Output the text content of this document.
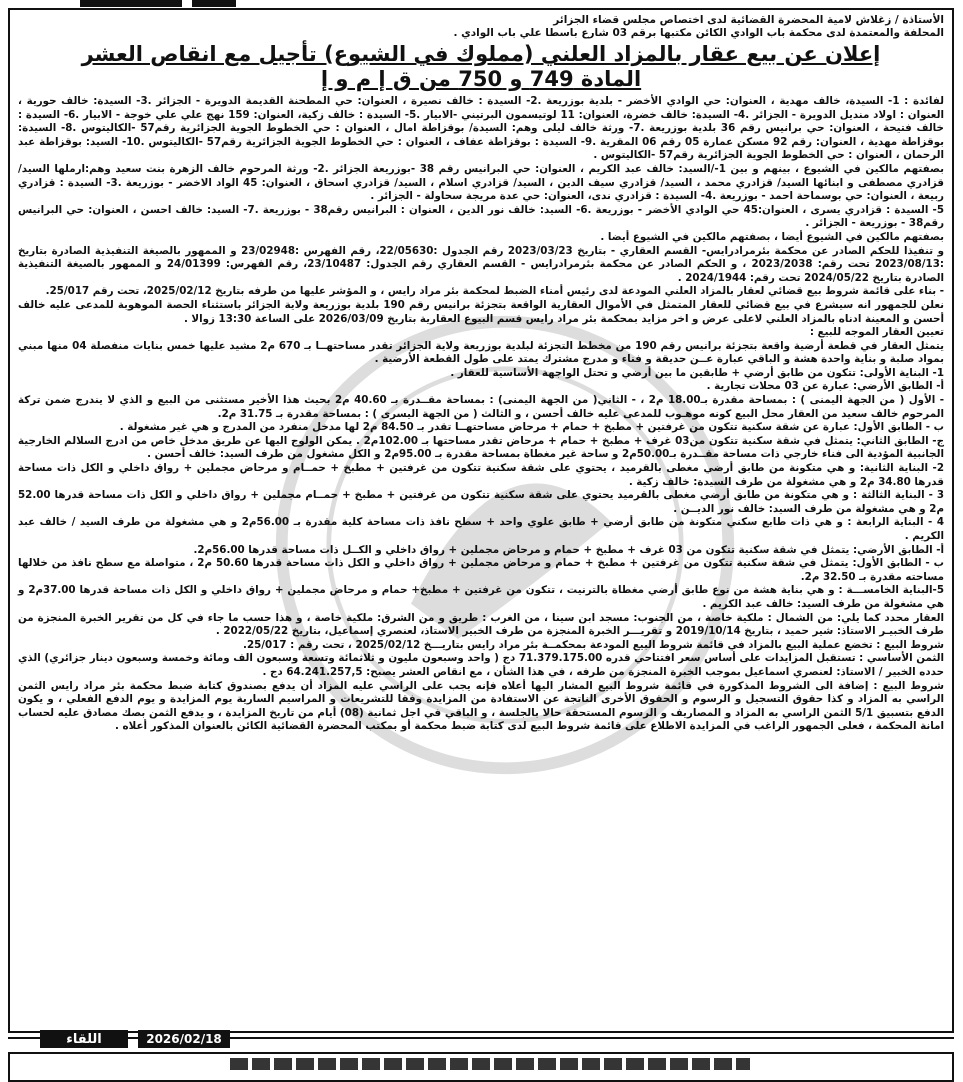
الأستاذة / زغلاش لامية المحضرة القضائية لدى اختصاص مجلس قضاء الجزائر
المحلفة والمعتمدة لدى محكمة باب الوادي الكائن مكتبها برقم 03 شارع باسطا علي باب الوادي .
إعلان عن بيع عقار بالمزاد العلني (مملوك في الشيوع) تأجيل مع انقاص العشر
المادة 749 و 750 من ق إ م و إ

لفائدة : 1- السيدة، خالف مهدية ، العنوان: حي الوادي الأخضر - بلدية بوزريعة .2- السيدة : خالف نصيرة ، العنوان: حي المطحنة القديمة الدويرة - الجزائر .3- السيدة: خالف حورية ، العنوان : اولاد منديل الدويرة - الجزائر .4- السيدة: خالف خضرة، العنوان: 11 لوتيسمون البرتيني -الابيار .5- السيدة : خالف زكية، العنوان: 159 نهج علي علي خوجة - الابيار .6- السيدة : خالف فتيحة ، العنوان: حي برانيس رقم 36 بلدية بوزريعة .7- ورثة خالف ليلى وهم: السيدة/ بوقزاطة امال ، العنوان : حي الخطوط الجوية الجزائرية رقم57 -الكاليتوس .8- السيدة: بوقزاطة مهدية ، العنوان: رقم 92 مسكن عمارة 05 رقم 06 المقرية .9- السيدة : بوقزاطة عفاف ، العنوان : حي الخطوط الجوية الجزائرية رقم57 -الكاليتوس .10- السيد: بوقزاطة عبد الرحمان ، العنوان : حي الخطوط الجوية الجزائرية رقم57 -الكاليتوس .

بصفتهم مالكين في الشيوع ، بينهم و بين 1-/السيد: خالف عبد الكريم ، العنوان: حي البرانيس رقم 38 -بوزريعة الجزائر .2- ورثة المرحوم خالف الزهرة بنت سعيد وهم:ارملها السيد/ قزادري مصطفى و ابنائها السيد/ قزادري محمد ، السيد/ قزادري سيف الدين ، السيد/ قزادري اسلام ، السيد/ قزادري اسحاق ، العنوان: 45 الواد الاخضر - بوزريعة .3- السيدة : قزادري ربيعة ، العنوان: حي بوسماحة احمد - بوزريعة .4- السيدة : قزادري ندى، العنوان: حي عدة مريجة سحاولة - الجزائر .

5- السيدة : قزادري يسرى ، العنوان:45 حي الوادي الأخضر - بوزريعة .6- السيد: خالف نور الدين ، العنوان : البرانيس رقم38 - بوزريعة .7- السيد: خالف احسن ، العنوان: حي البرانيس رقم38 - بوزريعة - الجزائر .

بصفتهم مالكين في الشيوع أيضا ، بصفتهم مالكين في الشيوع أيضا .

و تنفيذا للحكم الصادر عن محكمة بئرمرادرايس- القسم العقاري - بتاريخ 2023/03/23 رقم الجدول :22/05630، رقم الفهرس :23/02948 و الممهور بالصيغة التنفيذية الصادرة بتاريخ :2023/08/13 تحت رقم: 2023/2038 ، و الحكم الصادر عن محكمة بئرمرادرايس - القسم العقاري رقم الجدول: 23/10487، رقم الفهرس: 24/01399 و الممهور بالصيغة التنفيذية الصادرة بتاريخ 2024/05/22 تحت رقم: 2024/1944 .

- بناء على قائمة شروط بيع قضائي لعقار بالمزاد العلني المودعة لدى رئيس أمناء الضبط لمحكمة بئر مراد رايس ، و المؤشر عليها من طرفه بتاريخ 2025/02/12، تحت رقم 25/017.

نعلن للجمهور انه سيشرع في بيع قضائي للعقار المتمثل في الأموال العقارية الواقعة بتجزئة برانيس رقم 190 بلدية بوزريعة ولاية الجزائر باستثناء الحصة الموهوبة للمدعى عليه خالف أحسن و المعينة ادناه بالمزاد العلني لاعلى عرض و اخر مزايد بمحكمة بئر مراد رايس قسم البيوع العقارية بتاريخ 2026/03/09 على الساعة 13:30 زوالا .

تعيين العقار الموجه للبيع :

يتمثل العقار في قطعة أرضية واقعة بتجزئة برانيس رقم 190 من مخطط التجزئة لبلدية بوزريعة ولاية الجزائر تقدر مساحتهــا بـ 670 م2 مشيد عليها خمس بنايات منفصلة 04 منها مبني بمواد صلبة و بناية واحدة هشة و الباقي عبارة عــن حديقة و فناء و مدرج مشترك يمتد على طول القطعة الأرضية .

1- البناية الأولى: تتكون من طابق أرضي + طابقين ما بين أرضي و تحتل الواجهة الأساسية للعقار .

أ- الطابق الأرضي: عبارة عن 03 محلات تجارية .

- الأول ( من الجهة اليمنى ) : بمساحة مقدرة بـ18.00 م2 ، - الثاني( من الجهة اليمنى) : بمساحة مقــدرة بـ 40.60 م2 بحيث هذا الأخير مستثنى من البيع و الذي لا يندرج ضمن تركة المرحوم خالف سعيد من العقار محل البيع كونه موهـوب للمدعى عليه خالف أحسن ، و الثالث ( من الجهة اليسرى ) : بمساحة مقدرة بـ 31.75 م2.

ب - الطابق الأول: عبارة عن شقة سكنية تتكون من غرفتين + مطبخ + حمام + مرحاض مساحتهــا تقدر بـ 84.50 م2 لها مدخل منفرد من المدرج و هي غير مشغولة .

ج- الطابق الثاني: يتمثل في شقة سكنية تتكون من03 غرف + مطبخ + حمام + مرحاض تقدر مساحتها بـ 102.00م2 . يمكن الولوج اليها عن طريق مدخل خاص من ادرج السلالم الخارجية الجانبية المؤدية الى فناء خارجي ذات مساحة مقــدرة بـ50.00م2 و ساحة غير مغطاة بمساحة مقدرة بـ 95.00م2 و الكل مشغول من طرف السيد: خالف أحسن .

2- البناية الثانية: و هي متكونة من طابق أرضي مغطى بالقرميد ، يحتوي على شقة سكنية تتكون من غرفتين + مطبخ + حمــام و مرحاض مجملين + رواق داخلي و الكل ذات مساحة قدرها 34.80 م2 و هي مشغولة من طرف السيدة: خالف زكية .

3 - البناية الثالثة : و هي متكونة من طابق أرضي مغطى بالقرميد يحتوي على شقة سكنية تتكون من غرفتين + مطبخ + حمــام مجملين + رواق داخلي و الكل ذات مساحة قدرها 52.00 م2 و هي مشغولة من طرف السيد: خالف نور الديــن .

4 - البناية الرابعة : و هي ذات طابع سكني متكونة من طابق أرضي + طابق علوي واحد + سطح نافذ ذات مساحة كلية مقدرة بـ 56.00م2 و هي مشغولة من طرف السيد / خالف عبد الكريم .

أ- الطابق الأرضي: يتمثل في شقة سكنية تتكون من 03 غرف + مطبخ + حمام و مرحاض مجملين + رواق داخلي و الكــل ذات مساحة قدرها 56.00م2.

ب - الطابق الأول: يتمثل في شقة سكنية تتكون من غرفتين + مطبخ + حمام و مرحاض مجملين + رواق داخلي و الكل ذات مساحة قدرها 50.60 م2 ، متواصلة مع سطح نافذ من خلالها مساحته مقدرة بـ 32.50 م2.

5-البناية الخامســـة : و هي بناية هشة من نوع طابق أرضي مغطاة بالترنيت ، تتكون من غرفتين + مطبخ+ حمام و مرحاض مجملين + رواق داخلي و الكل ذات مساحة قدرها 37.00م2 و هي مشغولة من طرف السيد: خالف عبد الكريم .

العقار محدد كما يلي: من الشمال : ملكية خاصة ، من الجنوب: مسجد ابن سينا ، من الغرب : طريق و من الشرق: ملكية خاصة ، و هذا حسب ما جاء في كل من تقرير الخبرة المنجزة من طرف الخبيـر الاستاذ: شير حميد ، بتاريخ 2019/10/14 و تقريـــر الخبرة المنجزة من طرف الخبير الاستاذ، لعنصري إسماعيل، بتاريخ 2022/05/22 .

شروط البيع : تخضع عملية البيع بالمزاد في قائمة شروط البيع المودعة بمحكمــة بئر مراد رايس بتاريـــخ 2025/02/12 ، تحت رقم : 25/017.

الثمن الأساسي : تستقبل المزايدات على أساس سعر افتتاحي قدره 71.379.175.00 دج ( واحد وسبعون مليون و ثلاثمائة وتسعة وسبعون الف ومائة وخمسة وسبعون دينار جزائري) الذي حدده الخبير / الاستاذ: لعنصري اسماعيل بموجب الخبرة المنجزة من طرفه ، في هذا الشأن ، مع انقاص العشر يصبح: 64.241.257,5 دج .

شروط البيع : إضافة الى الشروط المذكورة في قائمة شروط البيع المشار اليها أعلاه فإنه يجب على الراسي عليه المزاد أن يدفع بصندوق كتابة ضبط محكمة بئر مراد رايس الثمن الراسي به المزاد و كذا حقوق التسجيل و الرسوم و الحقوق الأخرى الناتجة عن الاستفادة من المزايدة وفقا للتشريعات و المراسيم السارية يوم المزايدة و يوم الدفع الفعلي ، و يكون الدفع بتسبيق 5/1 الثمن الراسي به المزاد و المصاريف و الرسوم المستحقة حالا بالجلسة ، و الباقي في اجل ثمانية (08) أيام من تاريخ المزايدة ، و يدفع الثمن بصك مصادق عليه لحساب امانة المحكمة ، فعلى الجمهور الراغب في المزايدة الاطلاع على قائمة شروط البيع لدى كتابة ضبط محكمة أو بمكتب المحضرة القضائية الكائن بالعنوان المذكور أعلاه .

اللقاء	2026/02/18
